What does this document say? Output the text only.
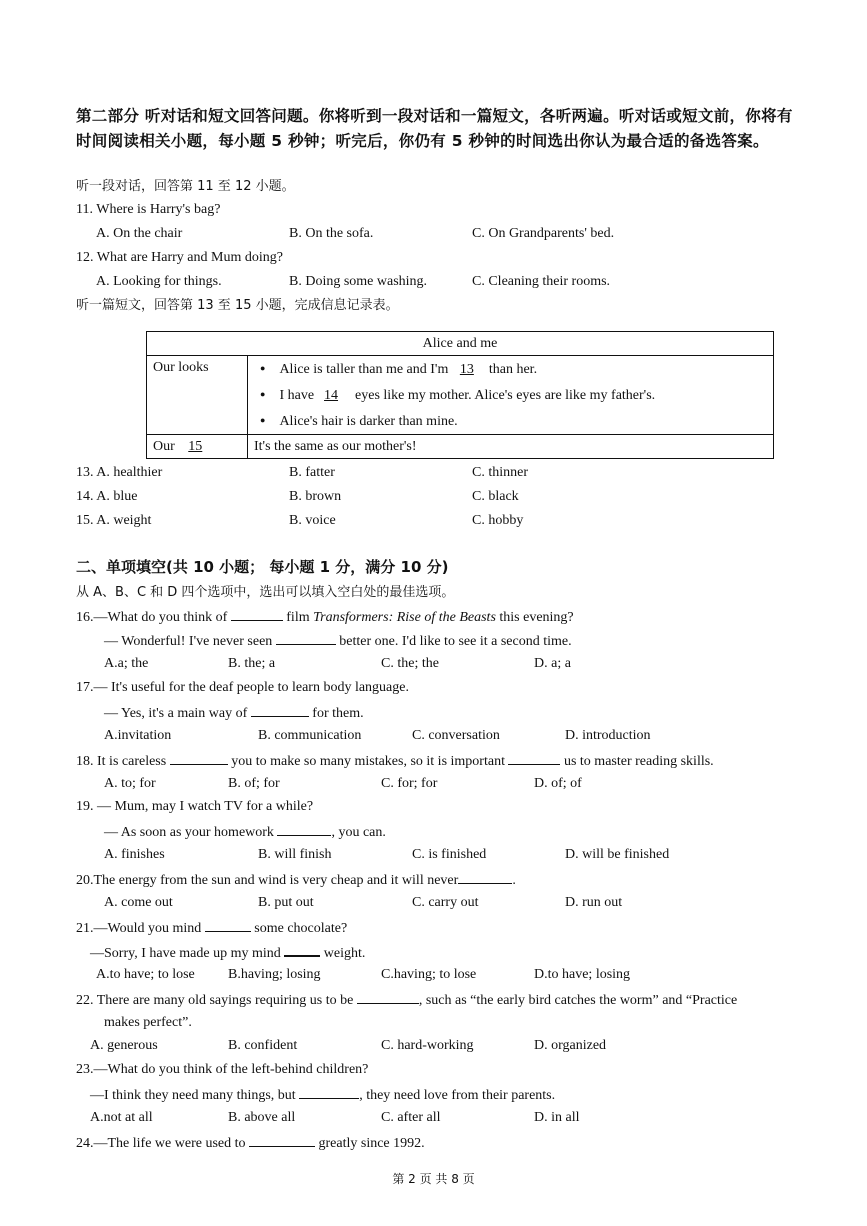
第二部分 听对话和短文回答问题。你将听到一段对话和一篇短文，各听两遍。听对话或短文前，你将有时间阅读相关小题，每小题 5 秒钟；听完后，你仍有 5 秒钟的时间选出你认为最合适的备选答案。
听一段对话，回答第 11 至 12 小题。
11. Where is Harry's bag?
A. On the chair	B. On the sofa.	C. On Grandparents' bed.
12. What are Harry and Mum doing?
A. Looking for things.	B. Doing some washing.	C. Cleaning their rooms.
听一篇短文，回答第 13 至 15 小题，完成信息记录表。
Alice and me	
Our looks	● Alice is taller than me and I'm 13 than her.
● I have 14 eyes like my mother. Alice's eyes are like my father's.
● Alice's hair is darker than mine.

Our 15	It's the same as our mother's!
13. A. healthier	B. fatter	C. thinner
14. A. blue	B. brown	C. black
15. A. weight	B. voice	C. hobby
二、单项填空(共 10 小题； 每小题 1 分，满分 10 分)
从 A、B、C 和 D 四个选项中，选出可以填入空白处的最佳选项。
16.—What do you think of	film Transformers: Rise of the Beasts this evening?
— Wonderful! I've never seen	better one. I'd like to see it a second time.
A.a; the	B. the; a	C. the; the	D. a; a
17.— It's useful for the deaf people to learn body language.
— Yes, it's a main way of	for them.
A.invitation	B. communication	C. conversation	D. introduction
18. It is careless	you to make so many mistakes, so it is important	us to master reading skills.
A. to; for	B. of; for	C. for; for	D. of; of
19. — Mum, may I watch TV for a while?
— As soon as your homework	, you can.
A. finishes	B. will finish	C. is finished	D. will be finished
20.The energy from the sun and wind is very cheap and it will never	.
A. come out	B. put out	C. carry out	D. run out
21.—Would you mind	some chocolate?
—Sorry, I have made up my mind	weight.
A.to have; to lose B.having; losing	C.having; to lose	D.to have; losing
22. There are many old sayings requiring us to be	, such as “the early bird catches the worm” and “Practice
makes perfect”.
A. generous	B. confident	C. hard-working	D. organized
23.—What do you think of the left-behind children?
—I think they need many things, but	, they need love from their parents.
A.not at all	B. above all	C. after all	D. in all
24.—The life we were used to	greatly since 1992.
第 2 页 共 8 页
